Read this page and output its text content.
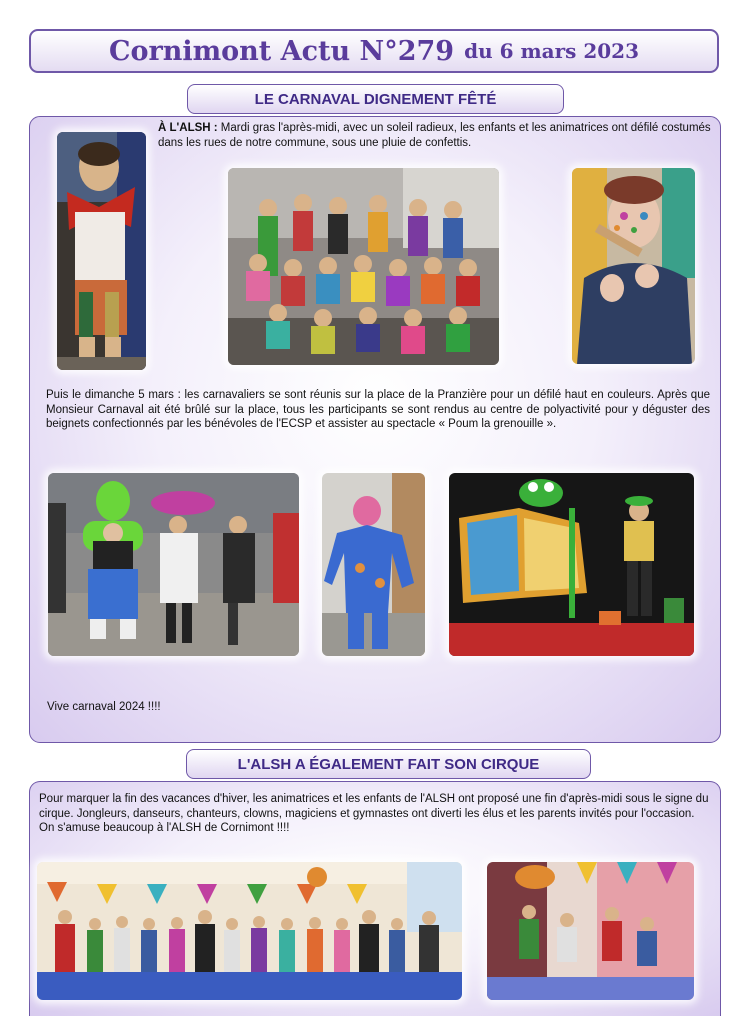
Cornimont Actu N°279 du 6 mars 2023
LE CARNAVAL DIGNEMENT FÊTÉ
À L'ALSH : Mardi gras l'après-midi, avec un soleil radieux, les enfants et les animatrices ont défilé costumés dans les rues de notre commune, sous une pluie de confettis.
Puis le dimanche 5 mars : les carnavaliers se sont réunis sur la place de la Pranzière pour un défilé haut en couleurs. Après que Monsieur Carnaval ait été brûlé sur la place, tous les participants se sont rendus au centre de polyactivité pour y déguster des beignets confectionnés par les bénévoles de l'ECSP et assister au spectacle « Poum la grenouille ».
Vive carnaval 2024 !!!!
L'ALSH A ÉGALEMENT FAIT SON CIRQUE
Pour marquer la fin des vacances d'hiver, les animatrices et les enfants de l'ALSH ont proposé une fin d'après-midi sous le signe du cirque. Jongleurs, danseurs, chanteurs, clowns, magiciens et gymnastes ont diverti les élus et les parents invités pour l'occasion.
On s'amuse beaucoup à l'ALSH de Cornimont !!!!
